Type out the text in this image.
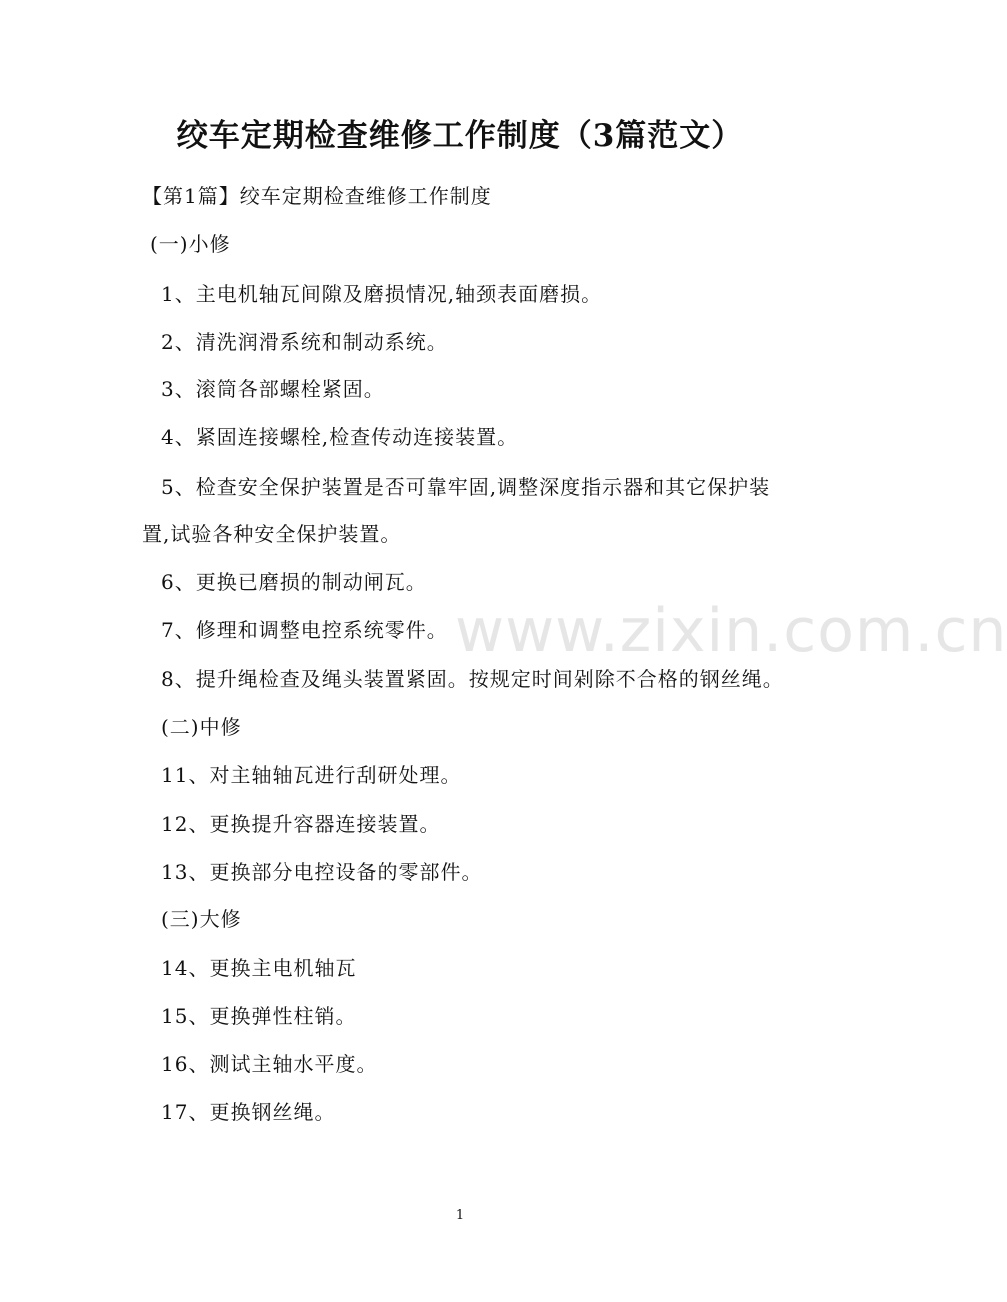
www.zixin.com.cn
绞车定期检查维修工作制度（3篇范文）
【第1篇】绞车定期检查维修工作制度
(一)小修
1、主电机轴瓦间隙及磨损情况,轴颈表面磨损。
2、清洗润滑系统和制动系统。
3、滚筒各部螺栓紧固。
4、紧固连接螺栓,检查传动连接装置。
5、检查安全保护装置是否可靠牢固,调整深度指示器和其它保护装
置,试验各种安全保护装置。
6、更换已磨损的制动闸瓦。
7、修理和调整电控系统零件。
8、提升绳检查及绳头装置紧固。按规定时间剁除不合格的钢丝绳。
(二)中修
11、对主轴轴瓦进行刮研处理。
12、更换提升容器连接装置。
13、更换部分电控设备的零部件。
(三)大修
14、更换主电机轴瓦
15、更换弹性柱销。
16、测试主轴水平度。
17、更换钢丝绳。
1
